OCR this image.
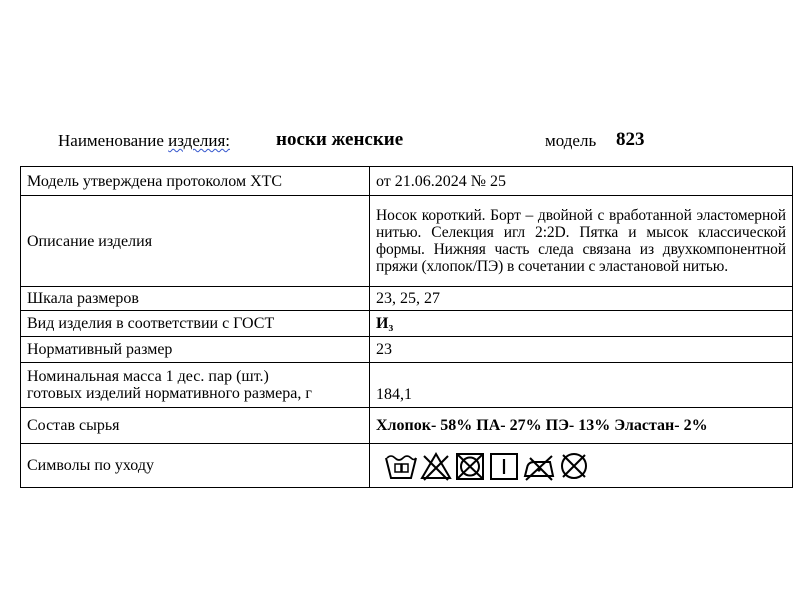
Наименование изделия: носки женские	модель 823
Модель утверждена протоколом ХТС	от 21.06.2024 № 25
Описание изделия	Носок короткий. Борт – двойной с вработанной эластомерной нитью. Селекция игл 2:2D. Пятка и мысок классической формы. Нижняя часть следа связана из двухкомпонентной пряжи (хлопок/ПЭ) в сочетании с эластановой нитью.
Шкала размеров	23, 25, 27
Вид изделия в соответствии с ГОСТ	И₃
Нормативный размер	23

Номинальная масса 1 дес. пар (шт.)
готовых изделий нормативного размера, г	184,1
Состав сырья	Хлопок- 58% ПА- 27% ПЭ- 13% Эластан- 2%
Символы по уходу	
